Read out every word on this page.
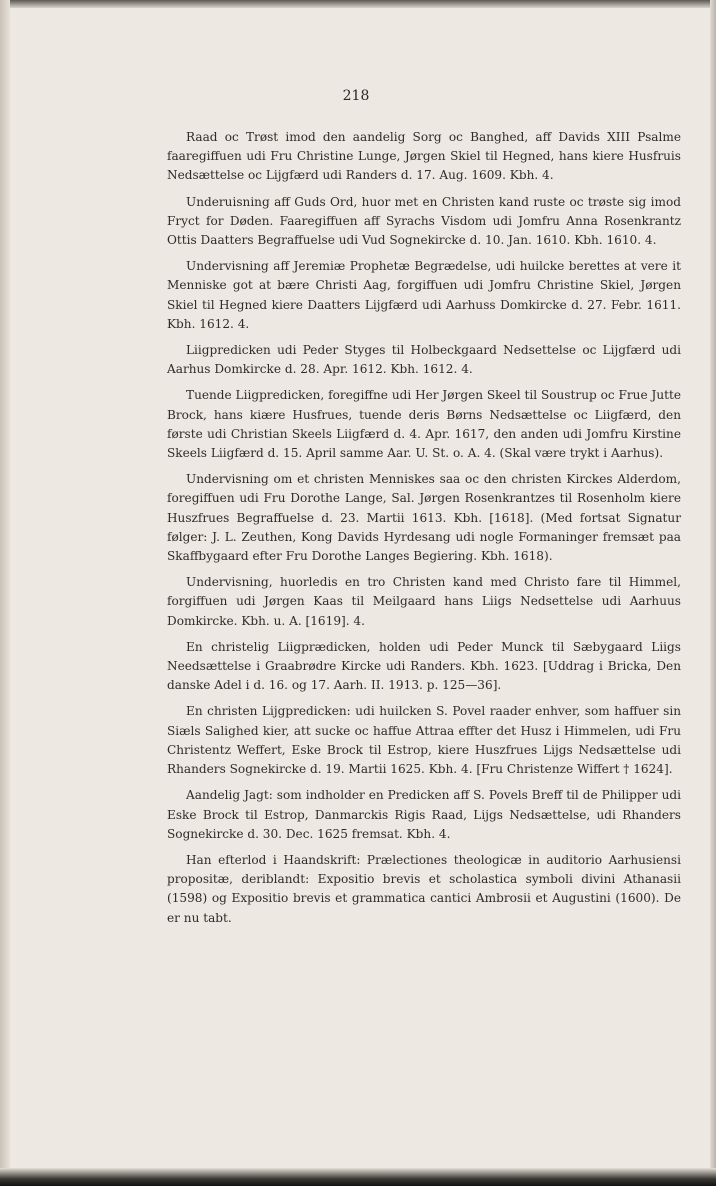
218

Raad oc Trøst imod den aandelig Sorg oc Banghed, aff Davids XIII Psalme faaregiffuen udi Fru Christine Lunge, Jørgen Skiel til Hegned, hans kiere Husfruis Nedsættelse oc Lijgfærd udi Randers d. 17. Aug. 1609. Kbh. 4.

Underuisning aff Guds Ord, huor met en Christen kand ruste oc trøste sig imod Fryct for Døden. Faaregiffuen aff Syrachs Visdom udi Jomfru Anna Rosenkrantz Ottis Daatters Begraffuelse udi Vud Sognekircke d. 10. Jan. 1610. Kbh. 1610. 4.

Undervisning aff Jeremiæ Prophetæ Begrædelse, udi huilcke berettes at vere it Menniske got at bære Christi Aag, forgiffuen udi Jomfru Christine Skiel, Jørgen Skiel til Hegned kiere Daatters Lijgfærd udi Aarhuss Domkircke d. 27. Febr. 1611. Kbh. 1612. 4.

Liigpredicken udi Peder Styges til Holbeckgaard Nedsettelse oc Lijgfærd udi Aarhus Domkircke d. 28. Apr. 1612. Kbh. 1612. 4.

Tuende Liigpredicken, foregiffne udi Her Jørgen Skeel til Soustrup oc Frue Jutte Brock, hans kiære Husfrues, tuende deris Børns Nedsættelse oc Liigfærd, den første udi Christian Skeels Liigfærd d. 4. Apr. 1617, den anden udi Jomfru Kirstine Skeels Liigfærd d. 15. April samme Aar. U. St. o. A. 4. (Skal være trykt i Aarhus).

Undervisning om et christen Menniskes saa oc den christen Kirckes Alderdom, foregiffuen udi Fru Dorothe Lange, Sal. Jørgen Rosenkrantzes til Rosenholm kiere Huszfrues Begraffuelse d. 23. Martii 1613. Kbh. [1618]. (Med fortsat Signatur følger: J. L. Zeuthen, Kong Davids Hyrdesang udi nogle Formaninger fremsæt paa Skaffbygaard efter Fru Dorothe Langes Begiering. Kbh. 1618).

Undervisning, huorledis en tro Christen kand med Christo fare til Himmel, forgiffuen udi Jørgen Kaas til Meilgaard hans Liigs Nedsettelse udi Aarhuus Domkircke. Kbh. u. A. [1619]. 4.

En christelig Liigprædicken, holden udi Peder Munck til Sæbygaard Liigs Needsættelse i Graabrødre Kircke udi Randers. Kbh. 1623. [Uddrag i Bricka, Den danske Adel i d. 16. og 17. Aarh. II. 1913. p. 125—36].

En christen Lijgpredicken: udi huilcken S. Povel raader enhver, som haffuer sin Siæls Salighed kier, att sucke oc haffue Attraa effter det Husz i Himmelen, udi Fru Christentz Weffert, Eske Brock til Estrop, kiere Huszfrues Lijgs Nedsættelse udi Rhanders Sognekircke d. 19. Martii 1625. Kbh. 4. [Fru Christenze Wiffert † 1624].

Aandelig Jagt: som indholder en Predicken aff S. Povels Breff til de Philipper udi Eske Brock til Estrop, Danmarckis Rigis Raad, Lijgs Nedsættelse, udi Rhanders Sognekircke d. 30. Dec. 1625 fremsat. Kbh. 4.

Han efterlod i Haandskrift: Prælectiones theologicæ in auditorio Aarhusiensi propositæ, deriblandt: Expositio brevis et scholastica symboli divini Athanasii (1598) og Expositio brevis et grammatica cantici Ambrosii et Augustini (1600). De er nu tabt.
